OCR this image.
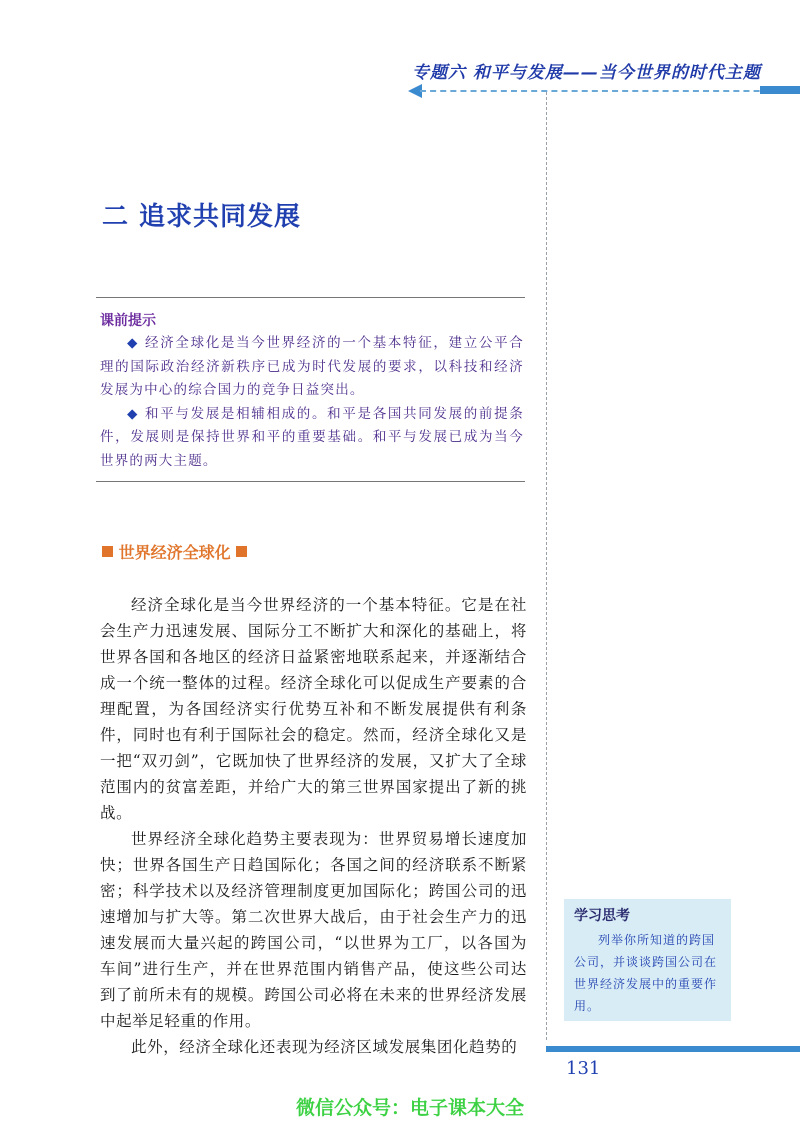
专题六 和平与发展——当今世界的时代主题
二 追求共同发展
课前提示

◆ 经济全球化是当今世界经济的一个基本特征，建立公平合理的国际政治经济新秩序已成为时代发展的要求，以科技和经济发展为中心的综合国力的竞争日益突出。

◆ 和平与发展是相辅相成的。和平是各国共同发展的前提条件，发展则是保持世界和平的重要基础。和平与发展已成为当今世界的两大主题。

世界经济全球化

经济全球化是当今世界经济的一个基本特征。它是在社会生产力迅速发展、国际分工不断扩大和深化的基础上，将世界各国和各地区的经济日益紧密地联系起来，并逐渐结合成一个统一整体的过程。经济全球化可以促成生产要素的合理配置，为各国经济实行优势互补和不断发展提供有利条件，同时也有利于国际社会的稳定。然而，经济全球化又是一把“双刃剑”，它既加快了世界经济的发展，又扩大了全球范围内的贫富差距，并给广大的第三世界国家提出了新的挑战。

世界经济全球化趋势主要表现为：世界贸易增长速度加快；世界各国生产日趋国际化；各国之间的经济联系不断紧密；科学技术以及经济管理制度更加国际化；跨国公司的迅速增加与扩大等。第二次世界大战后，由于社会生产力的迅速发展而大量兴起的跨国公司，“以世界为工厂，以各国为车间”进行生产，并在世界范围内销售产品，使这些公司达到了前所未有的规模。跨国公司必将在未来的世界经济发展中起举足轻重的作用。

此外，经济全球化还表现为经济区域发展集团化趋势的

学习思考

列举你所知道的跨国公司，并谈谈跨国公司在世界经济发展中的重要作用。

131
微信公众号：电子课本大全
